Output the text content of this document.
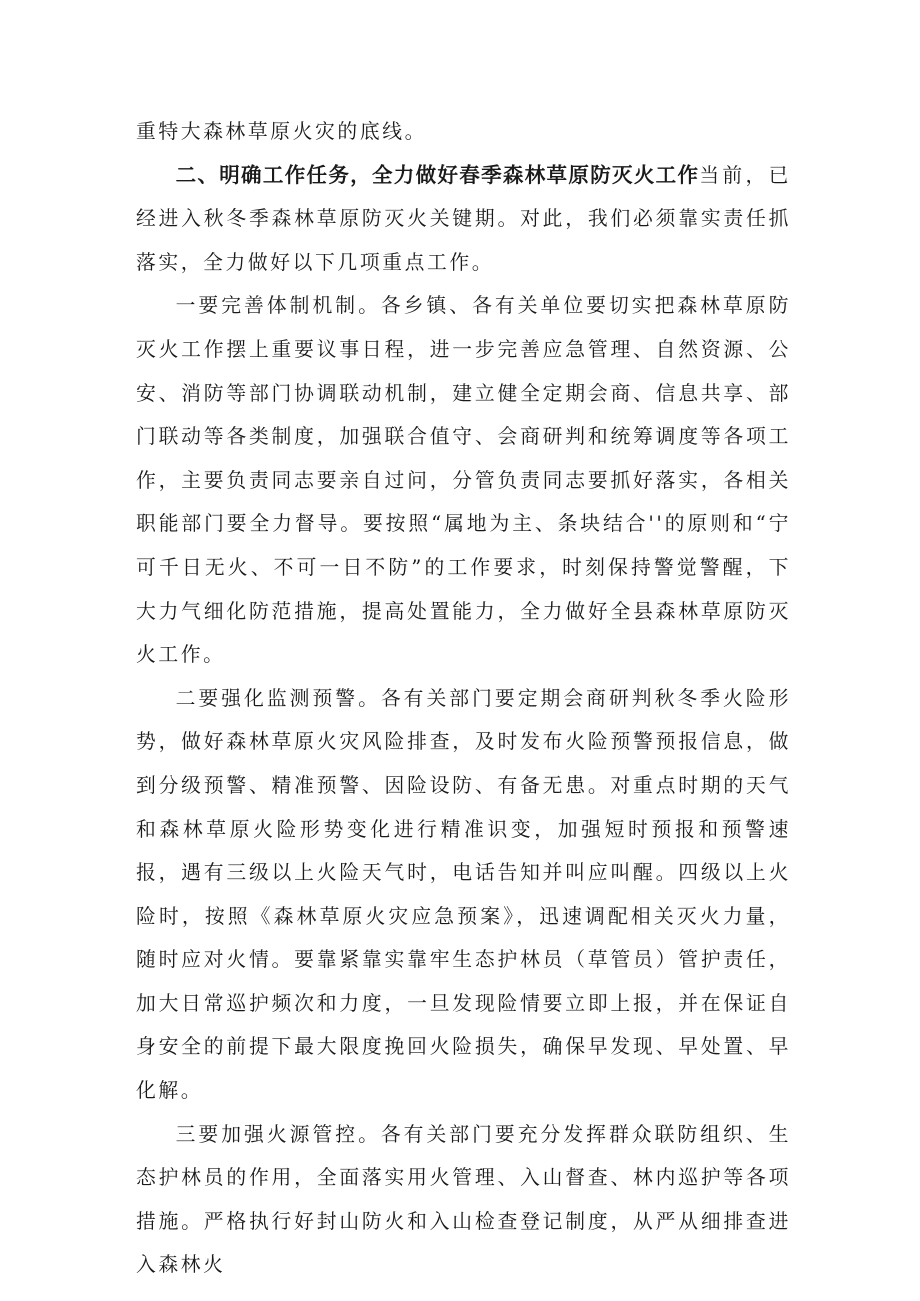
重特大森林草原火灾的底线。

二、明确工作任务，全力做好春季森林草原防灭火工作当前，已经进入秋冬季森林草原防灭火关键期。对此，我们必须靠实责任抓落实，全力做好以下几项重点工作。

一要完善体制机制。各乡镇、各有关单位要切实把森林草原防灭火工作摆上重要议事日程，进一步完善应急管理、自然资源、公安、消防等部门协调联动机制，建立健全定期会商、信息共享、部门联动等各类制度，加强联合值守、会商研判和统筹调度等各项工作，主要负责同志要亲自过问，分管负责同志要抓好落实，各相关职能部门要全力督导。要按照“属地为主、条块结合''的原则和“宁可千日无火、不可一日不防”的工作要求，时刻保持警觉警醒，下大力气细化防范措施，提高处置能力，全力做好全县森林草原防灭火工作。

二要强化监测预警。各有关部门要定期会商研判秋冬季火险形势，做好森林草原火灾风险排查，及时发布火险预警预报信息，做到分级预警、精准预警、因险设防、有备无患。对重点时期的天气和森林草原火险形势变化进行精准识变，加强短时预报和预警速报，遇有三级以上火险天气时，电话告知并叫应叫醒。四级以上火险时，按照《森林草原火灾应急预案》，迅速调配相关灭火力量，随时应对火情。要靠紧靠实靠牢生态护林员（草管员）管护责任，加大日常巡护频次和力度，一旦发现险情要立即上报，并在保证自身安全的前提下最大限度挽回火险损失，确保早发现、早处置、早化解。

三要加强火源管控。各有关部门要充分发挥群众联防组织、生态护林员的作用，全面落实用火管理、入山督查、林内巡护等各项措施。严格执行好封山防火和入山检查登记制度，从严从细排查进入森林火
